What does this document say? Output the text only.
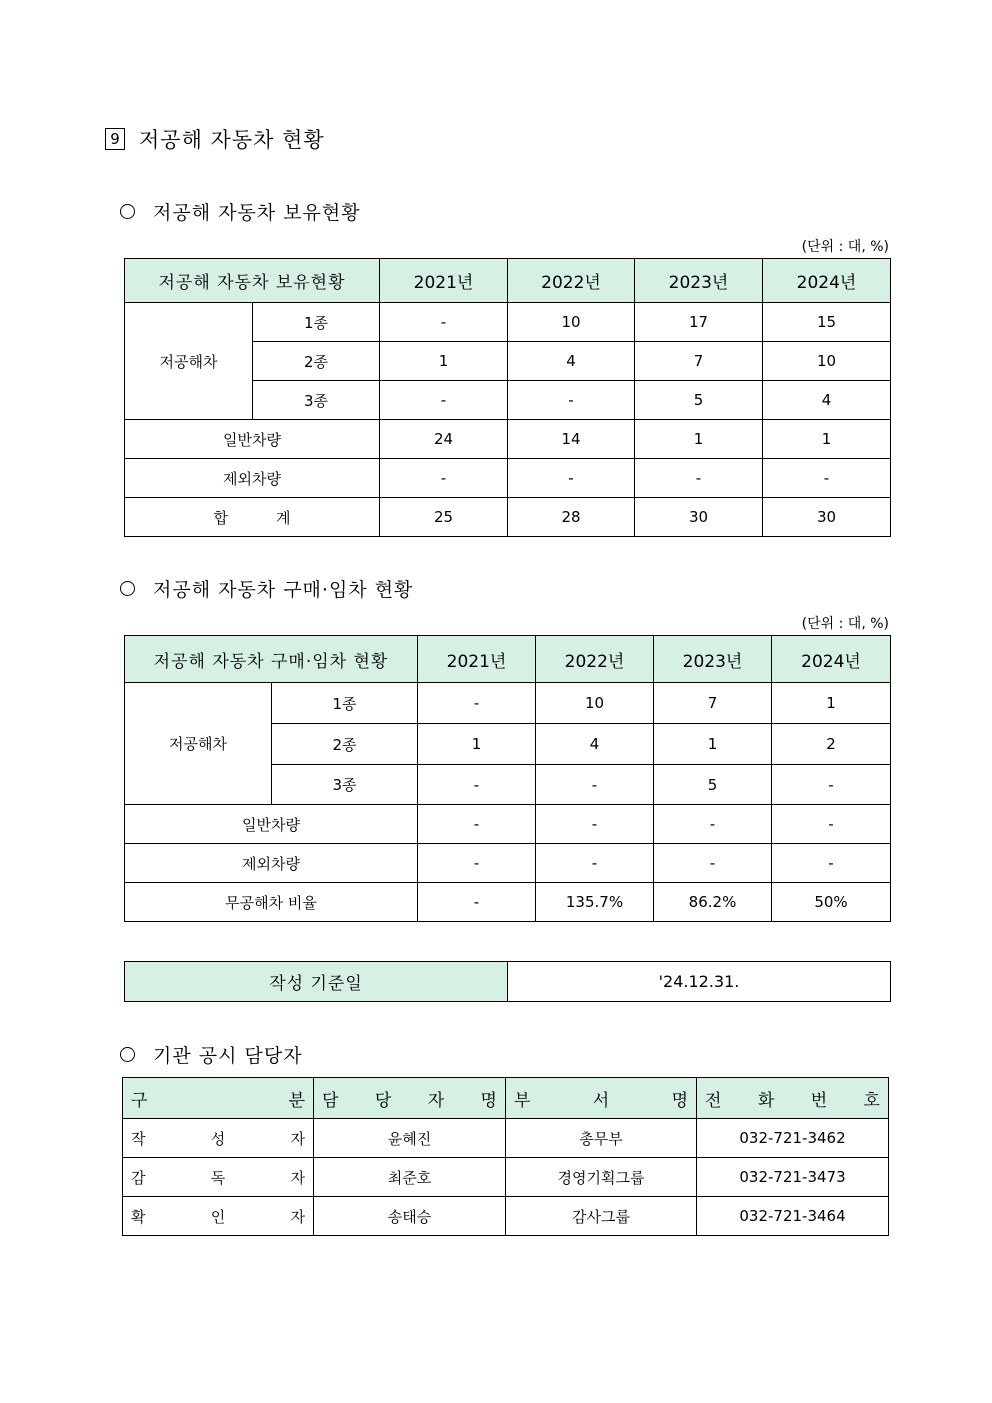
9 저공해 자동차 현황
저공해 자동차 보유현황
(단위 : 대, %)
저공해 자동차 보유현황		2021년	2022년	2023년	2024년
저공해차	1종	-	10	17	15
	2종	1	4	7	10
	3종	-	-	5	4
일반차량		24	14	1	1
제외차량		-	-	-	-
합 계		25	28	30	30
저공해 자동차 구매·임차 현황
(단위 : 대, %)
저공해 자동차 구매·임차 현황		2021년	2022년	2023년	2024년
저공해차	1종	-	10	7	1
	2종	1	4	1	2
	3종	-	-	5	-
일반차량		-	-	-	-
제외차량		-	-	-	-
무공해차 비율		-	135.7%	86.2%	50%
작성 기준일	'24.12.31.
기관 공시 담당자
구 분	담 당 자 명	부 서 명	전 화 번 호

작 성 자	윤혜진	총무부	032-721-3462

감 독 자	최준호	경영기획그룹	032-721-3473

확 인 자	송태승	감사그룹	032-721-3464
